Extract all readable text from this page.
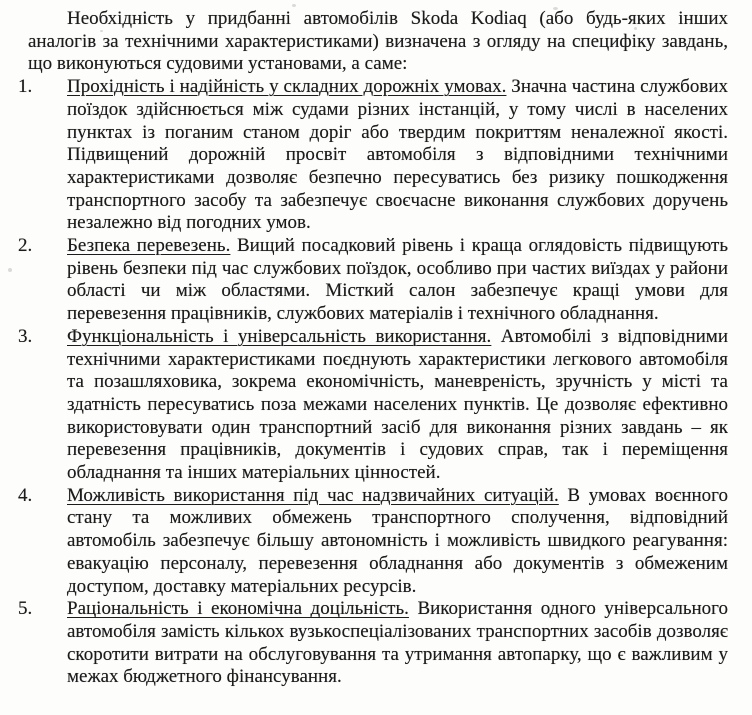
Необхідність у придбанні автомобілів Skoda Kodiaq (або будь-яких інших аналогів за технічними характеристиками) визначена з огляду на специфіку завдань, що виконуються судовими установами, а саме:

1.	Прохідність і надійність у складних дорожніх умовах. Значна частина службових поїздок здійснюється між судами різних інстанцій, у тому числі в населених пунктах із поганим станом доріг або твердим покриттям неналежної якості. Підвищений дорожній просвіт автомобіля з відповідними технічними характеристиками дозволяє безпечно пересуватись без ризику пошкодження транспортного засобу та забезпечує своєчасне виконання службових доручень незалежно від погодних умов.
2.	Безпека перевезень. Вищий посадковий рівень і краща оглядовість підвищують рівень безпеки під час службових поїздок, особливо при частих виїздах у райони області чи між областями. Місткий салон забезпечує кращі умови для перевезення працівників, службових матеріалів і технічного обладнання.
3.	Функціональність і універсальність використання. Автомобілі з відповідними технічними характеристиками поєднують характеристики легкового автомобіля та позашляховика, зокрема економічність, маневреність, зручність у місті та здатність пересуватись поза межами населених пунктів. Це дозволяє ефективно використовувати один транспортний засіб для виконання різних завдань – як перевезення працівників, документів і судових справ, так і переміщення обладнання та інших матеріальних цінностей.
4.	Можливість використання під час надзвичайних ситуацій. В умовах воєнного стану та можливих обмежень транспортного сполучення, відповідний автомобіль забезпечує більшу автономність і можливість швидкого реагування: евакуацію персоналу, перевезення обладнання або документів з обмеженим доступом, доставку матеріальних ресурсів.
5.	Раціональність і економічна доцільність. Використання одного універсального автомобіля замість кількох вузькоспеціалізованих транспортних засобів дозволяє скоротити витрати на обслуговування та утримання автопарку, що є важливим у межах бюджетного фінансування.
